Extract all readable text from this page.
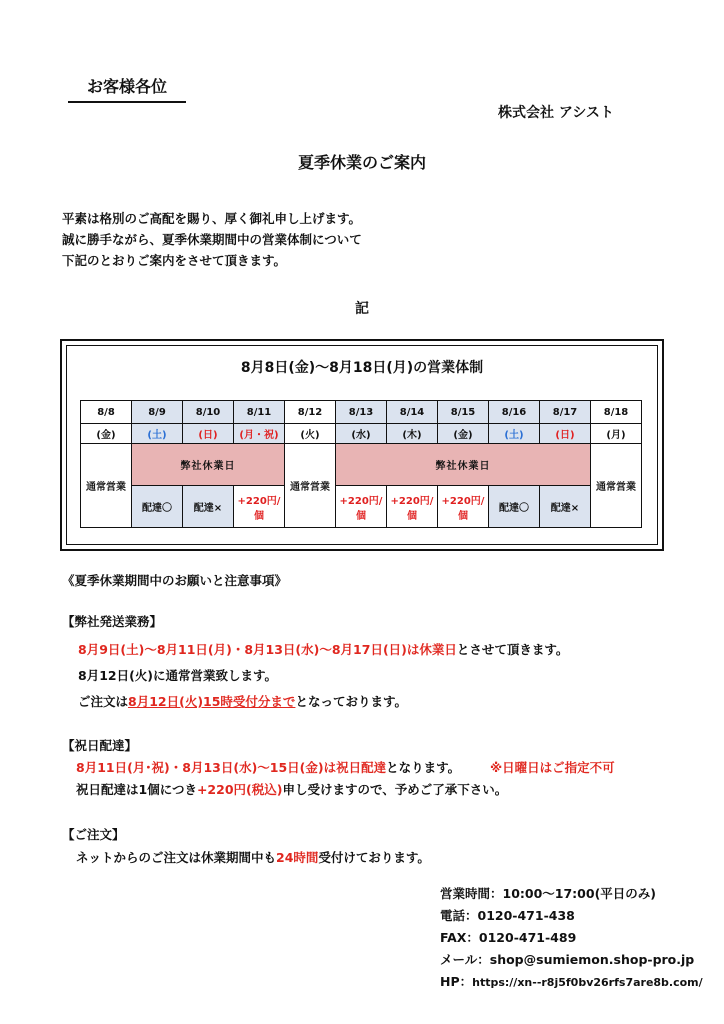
お客様各位
株式会社 アシスト
夏季休業のご案内
平素は格別のご高配を賜り、厚く御礼申し上げます。
誠に勝手ながら、夏季休業期間中の営業体制について
下記のとおりご案内をさせて頂きます。
記
8月8日(金)～8月18日(月)の営業体制
8/8	8/9	8/10	8/11	8/12	8/13	8/14	8/15	8/16	8/17	8/18
(金)	(土)	(日)	(月・祝)	(火)	(水)	(木)	(金)	(土)	(日)	(月)
通常営業	弊社休業日			通常営業	弊社休業日					通常営業
	配達〇	配達×	+220円/個		+220円/個	+220円/個	+220円/個	配達〇	配達×	
《夏季休業期間中のお願いと注意事項》
【弊社発送業務】
8月9日(土)～8月11日(月)・8月13日(水)～8月17日(日)は休業日とさせて頂きます。
8月12日(火)に通常営業致します。
ご注文は8月12日(火)15時受付分までとなっております。
【祝日配達】
8月11日(月･祝)・8月13日(水)～15日(金)は祝日配達となります。 ※日曜日はご指定不可
祝日配達は1個につき+220円(税込)申し受けますので、予めご了承下さい。
【ご注文】
ネットからのご注文は休業期間中も24時間受付けております。
営業時間：10:00～17:00(平日のみ)
電話：0120-471-438
FAX：0120-471-489
メール：shop@sumiemon.shop-pro.jp
HP：https://xn--r8j5f0bv26rfs7are8b.com/
